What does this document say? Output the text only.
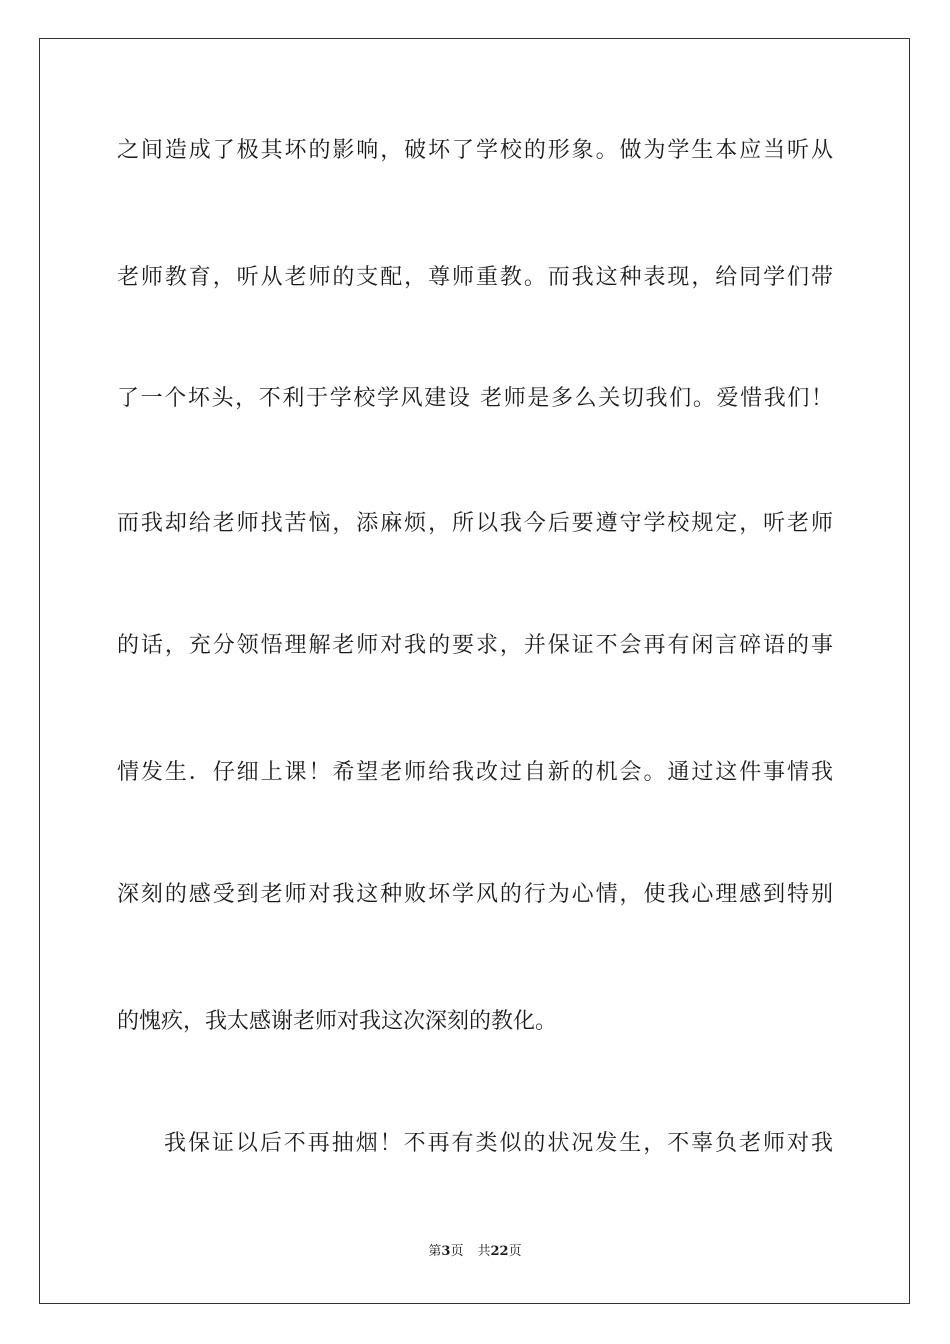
之间造成了极其坏的影响，破坏了学校的形象。做为学生本应当听从
老师教育，听从老师的支配，尊师重教。而我这种表现，给同学们带
了一个坏头，不利于学校学风建设 老师是多么关切我们。爱惜我们！
而我却给老师找苦恼，添麻烦，所以我今后要遵守学校规定，听老师
的话，充分领悟理解老师对我的要求，并保证不会再有闲言碎语的事
情发生．仔细上课！希望老师给我改过自新的机会。通过这件事情我
深刻的感受到老师对我这种败坏学风的行为心情，使我心理感到特别
的愧疚，我太感谢老师对我这次深刻的教化。
我保证以后不再抽烟！不再有类似的状况发生，不辜负老师对我
第3页 共22页
